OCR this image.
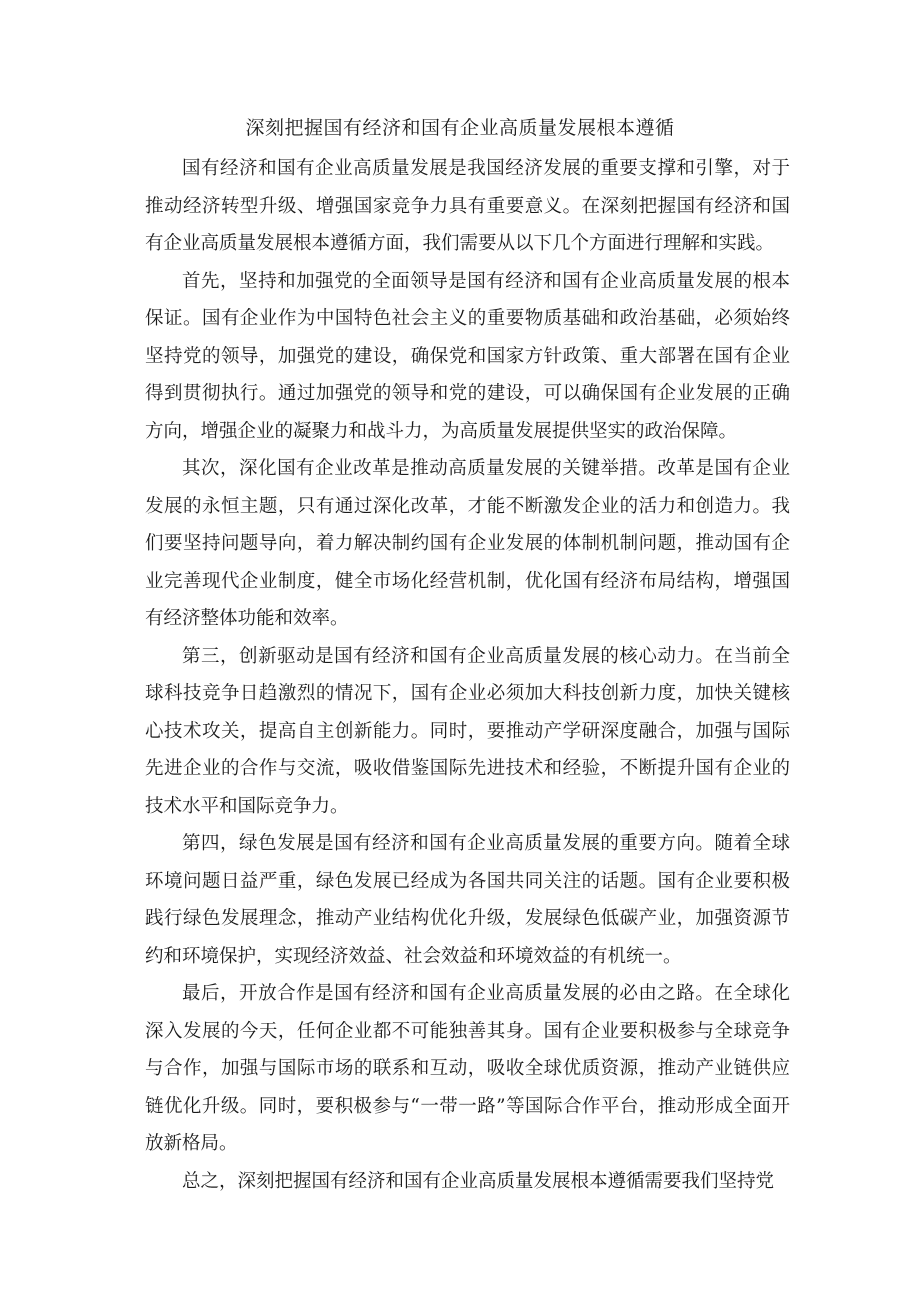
深刻把握国有经济和国有企业高质量发展根本遵循

国有经济和国有企业高质量发展是我国经济发展的重要支撑和引擎，对于推动经济转型升级、增强国家竞争力具有重要意义。在深刻把握国有经济和国有企业高质量发展根本遵循方面，我们需要从以下几个方面进行理解和实践。

首先，坚持和加强党的全面领导是国有经济和国有企业高质量发展的根本保证。国有企业作为中国特色社会主义的重要物质基础和政治基础，必须始终坚持党的领导，加强党的建设，确保党和国家方针政策、重大部署在国有企业得到贯彻执行。通过加强党的领导和党的建设，可以确保国有企业发展的正确方向，增强企业的凝聚力和战斗力，为高质量发展提供坚实的政治保障。

其次，深化国有企业改革是推动高质量发展的关键举措。改革是国有企业发展的永恒主题，只有通过深化改革，才能不断激发企业的活力和创造力。我们要坚持问题导向，着力解决制约国有企业发展的体制机制问题，推动国有企业完善现代企业制度，健全市场化经营机制，优化国有经济布局结构，增强国有经济整体功能和效率。

第三，创新驱动是国有经济和国有企业高质量发展的核心动力。在当前全球科技竞争日趋激烈的情况下，国有企业必须加大科技创新力度，加快关键核心技术攻关，提高自主创新能力。同时，要推动产学研深度融合，加强与国际先进企业的合作与交流，吸收借鉴国际先进技术和经验，不断提升国有企业的技术水平和国际竞争力。

第四，绿色发展是国有经济和国有企业高质量发展的重要方向。随着全球环境问题日益严重，绿色发展已经成为各国共同关注的话题。国有企业要积极践行绿色发展理念，推动产业结构优化升级，发展绿色低碳产业，加强资源节约和环境保护，实现经济效益、社会效益和环境效益的有机统一。

最后，开放合作是国有经济和国有企业高质量发展的必由之路。在全球化深入发展的今天，任何企业都不可能独善其身。国有企业要积极参与全球竞争与合作，加强与国际市场的联系和互动，吸收全球优质资源，推动产业链供应链优化升级。同时，要积极参与“一带一路”等国际合作平台，推动形成全面开放新格局。

总之，深刻把握国有经济和国有企业高质量发展根本遵循需要我们坚持党
